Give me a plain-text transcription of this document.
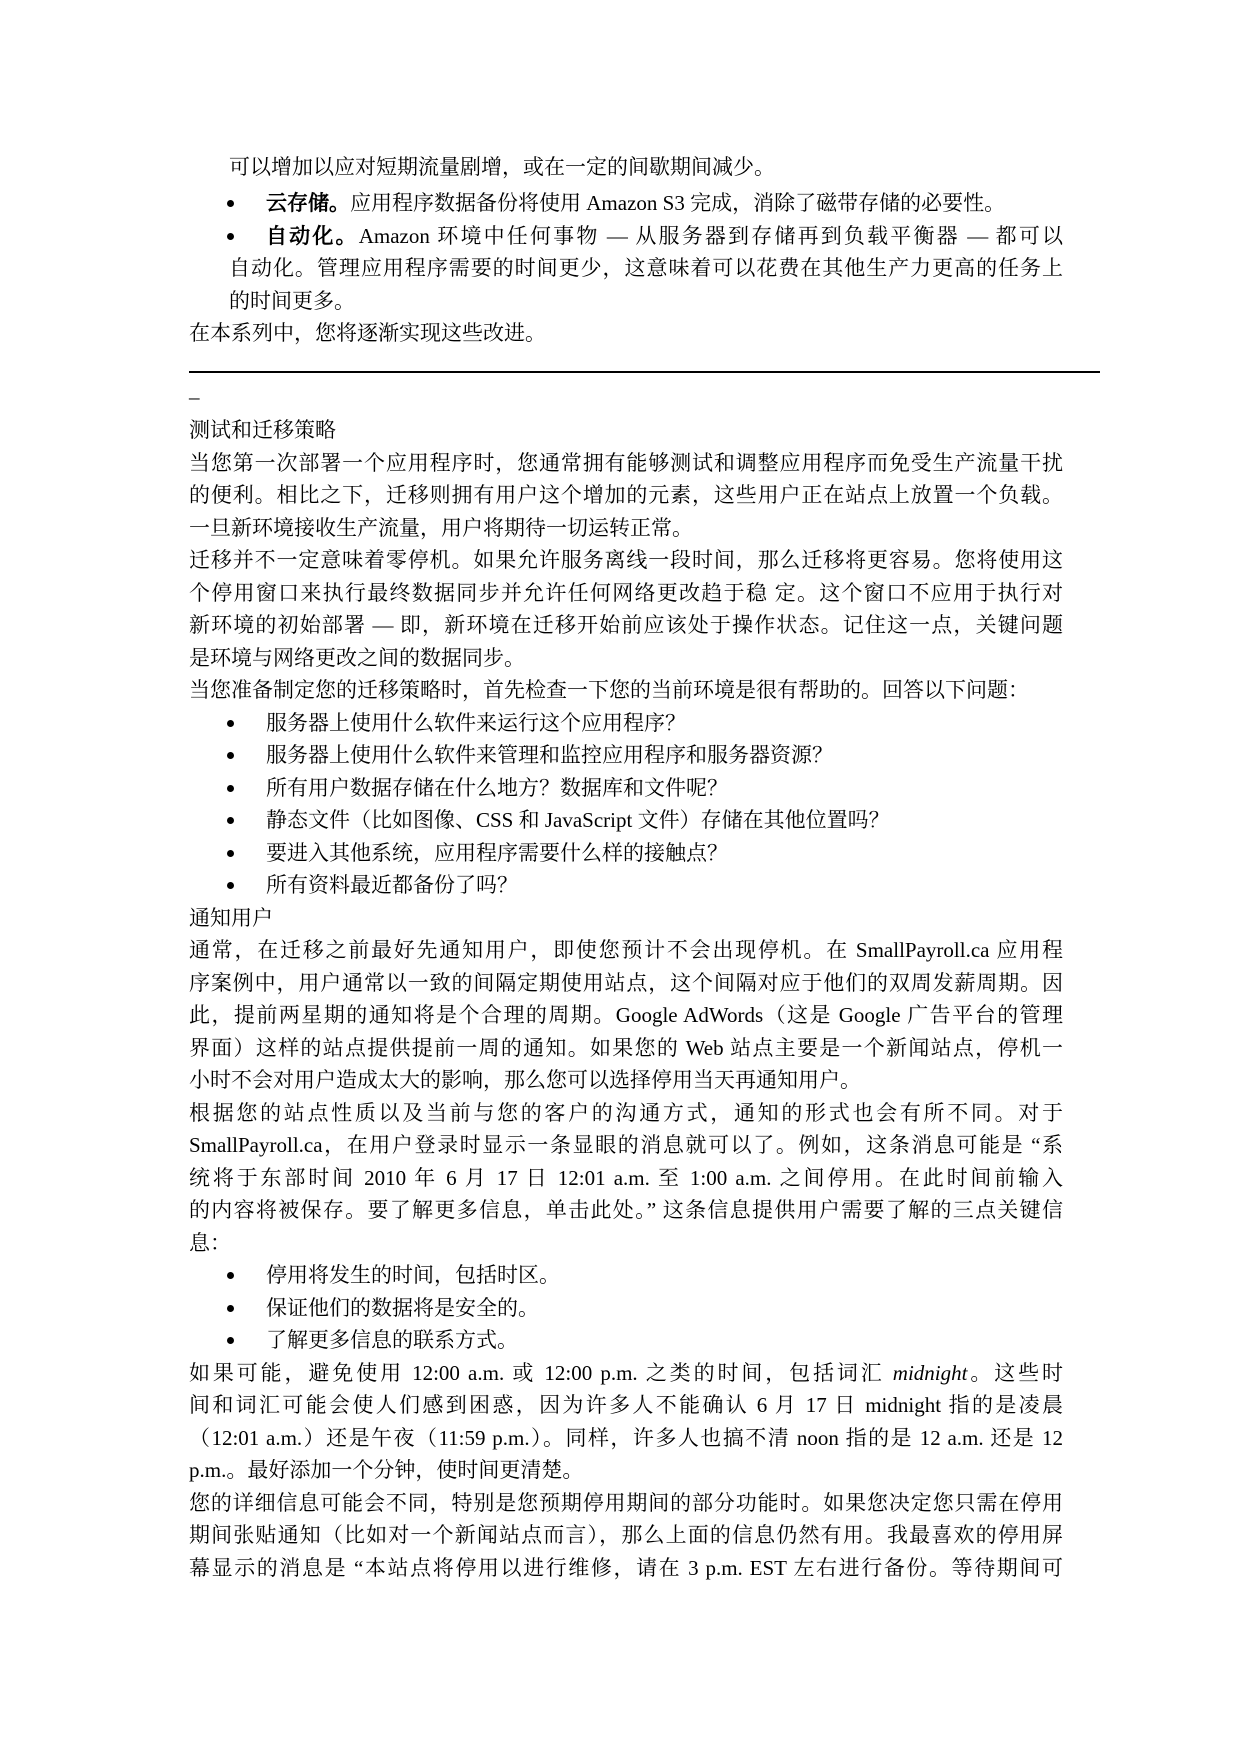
可以增加以应对短期流量剧增，或在一定的间歇期间减少。
云存储。应用程序数据备份将使用 Amazon S3 完成，消除了磁带存储的必要性。
自动化。Amazon 环境中任何事物 — 从服务器到存储再到负载平衡器 — 都可以
自动化。管理应用程序需要的时间更少，这意味着可以花费在其他生产力更高的任务上
的时间更多。
在本系列中，您将逐渐实现这些改进。
_
测试和迁移策略
当您第一次部署一个应用程序时，您通常拥有能够测试和调整应用程序而免受生产流量干扰
的便利。相比之下，迁移则拥有用户这个增加的元素，这些用户正在站点上放置一个负载。
一旦新环境接收生产流量，用户将期待一切运转正常。
迁移并不一定意味着零停机。如果允许服务离线一段时间，那么迁移将更容易。您将使用这
个停用窗口来执行最终数据同步并允许任何网络更改趋于稳 定。这个窗口不应用于执行对
新环境的初始部署 — 即，新环境在迁移开始前应该处于操作状态。记住这一点，关键问题
是环境与网络更改之间的数据同步。
当您准备制定您的迁移策略时，首先检查一下您的当前环境是很有帮助的。回答以下问题：
服务器上使用什么软件来运行这个应用程序？
服务器上使用什么软件来管理和监控应用程序和服务器资源？
所有用户数据存储在什么地方？数据库和文件呢？
静态文件（比如图像、CSS 和 JavaScript 文件）存储在其他位置吗？
要进入其他系统，应用程序需要什么样的接触点？
所有资料最近都备份了吗？
通知用户
通常，在迁移之前最好先通知用户，即使您预计不会出现停机。在 SmallPayroll.ca 应用程
序案例中，用户通常以一致的间隔定期使用站点，这个间隔对应于他们的双周发薪周期。因
此，提前两星期的通知将是个合理的周期。Google AdWords（这是 Google 广告平台的管理
界面）这样的站点提供提前一周的通知。如果您的 Web 站点主要是一个新闻站点，停机一
小时不会对用户造成太大的影响，那么您可以选择停用当天再通知用户。
根据您的站点性质以及当前与您的客户的沟通方式，通知的形式也会有所不同。对于
SmallPayroll.ca，在用户登录时显示一条显眼的消息就可以了。例如，这条消息可能是 “系
统将于东部时间 2010 年 6 月 17 日 12:01 a.m. 至 1:00 a.m. 之间停用。在此时间前输入
的内容将被保存。要了解更多信息，单击此处。” 这条信息提供用户需要了解的三点关键信
息：
停用将发生的时间，包括时区。
保证他们的数据将是安全的。
了解更多信息的联系方式。
如果可能，避免使用 12:00 a.m. 或 12:00 p.m. 之类的时间，包括词汇 midnight。这些时
间和词汇可能会使人们感到困惑，因为许多人不能确认 6 月 17 日 midnight 指的是凌晨
（12:01 a.m.）还是午夜（11:59 p.m.）。同样，许多人也搞不清 noon 指的是 12 a.m. 还是 12
p.m.。最好添加一个分钟，使时间更清楚。
您的详细信息可能会不同，特别是您预期停用期间的部分功能时。如果您决定您只需在停用
期间张贴通知（比如对一个新闻站点而言），那么上面的信息仍然有用。我最喜欢的停用屏
幕显示的消息是 “本站点将停用以进行维修，请在 3 p.m. EST 左右进行备份。等待期间可
